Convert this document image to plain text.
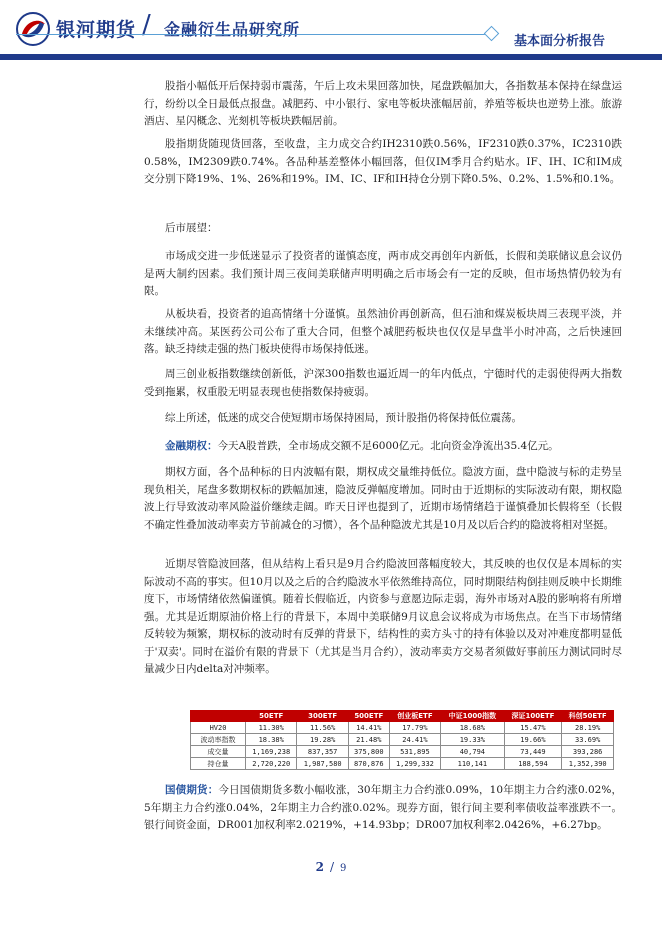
银河期货 / 金融衍生品研究所
基本面分析报告

股指小幅低开后保持弱市震荡，午后上攻未果回落加快，尾盘跌幅加大，各指数基本保持在绿盘运行，纷纷以全日最低点报盘。减肥药、中小银行、家电等板块涨幅居前，养殖等板块也逆势上涨。旅游酒店、星闪概念、光刻机等板块跌幅居前。

股指期货随现货回落，至收盘，主力成交合约IH2310跌0.56%，IF2310跌0.37%，IC2310跌0.58%，IM2309跌0.74%。各品种基差整体小幅回落，但仅IM季月合约贴水。IF、IH、IC和IM成交分别下降19%、1%、26%和19%。IM、IC、IF和IH持仓分别下降0.5%、0.2%、1.5%和0.1%。

后市展望：

市场成交进一步低迷显示了投资者的谨慎态度，两市成交再创年内新低，长假和美联储议息会议仍是两大制约因素。我们预计周三夜间美联储声明明确之后市场会有一定的反映，但市场热情仍较为有限。

从板块看，投资者的追高情绪十分谨慎。虽然油价再创新高，但石油和煤炭板块周三表现平淡，并未继续冲高。某医药公司公布了重大合同，但整个减肥药板块也仅仅是早盘半小时冲高，之后快速回落。缺乏持续走强的热门板块使得市场保持低迷。

周三创业板指数继续创新低，沪深300指数也逼近周一的年内低点，宁德时代的走弱使得两大指数受到拖累，权重股无明显表现也使指数保持疲弱。

综上所述，低迷的成交合使短期市场保持困局，预计股指仍将保持低位震荡。

金融期权：今天A股普跌，全市场成交额不足6000亿元。北向资金净流出35.4亿元。

期权方面，各个品种标的日内波幅有限，期权成交量维持低位。隐波方面，盘中隐波与标的走势呈现负相关，尾盘多数期权标的跌幅加速，隐波反弹幅度增加。同时由于近期标的实际波动有限，期权隐波上行导致波动率风险溢价继续走阔。昨天日评也提到了，近期市场情绪趋于谨慎叠加长假将至（长假不确定性叠加波动率卖方节前减仓的习惯），各个品种隐波尤其是10月及以后合约的隐波将相对坚挺。

近期尽管隐波回落，但从结构上看只是9月合约隐波回落幅度较大，其反映的也仅仅是本周标的实际波动不高的事实。但10月以及之后的合约隐波水平依然维持高位，同时期限结构倒挂则反映中长期维度下，市场情绪依然偏谨慎。随着长假临近，内资参与意愿边际走弱，海外市场对A股的影响将有所增强。尤其是近期原油价格上行的背景下，本周中美联储9月议息会议将成为市场焦点。在当下市场情绪反转较为频繁，期权标的波动时有反弹的背景下，结构性的卖方头寸的持有体验以及对冲难度都明显低于'双卖'。同时在溢价有限的背景下（尤其是当月合约），波动率卖方交易者须做好事前压力测试同时尽量减少日内delta对冲频率。

国债期货：今日国债期货多数小幅收涨，30年期主力合约涨0.09%，10年期主力合约涨0.02%，5年期主力合约涨0.04%，2年期主力合约涨0.02%。现券方面，银行间主要利率债收益率涨跌不一。银行间资金面，DR001加权利率2.0219%，+14.93bp；DR007加权利率2.0426%，+6.27bp。

	50ETF	300ETF	500ETF	创业板ETF	中证1000指数	深证100ETF	科创50ETF
HV20	11.30%	11.56%	14.41%	17.79%	18.68%	15.47%	28.19%
波动率指数	18.38%	19.28%	21.48%	24.41%	19.33%	19.66%	33.69%
成交量	1,169,238	837,357	375,800	531,895	40,794	73,449	393,286
持仓量	2,720,220	1,987,580	870,876	1,299,332	110,141	188,594	1,352,390
2 / 9
